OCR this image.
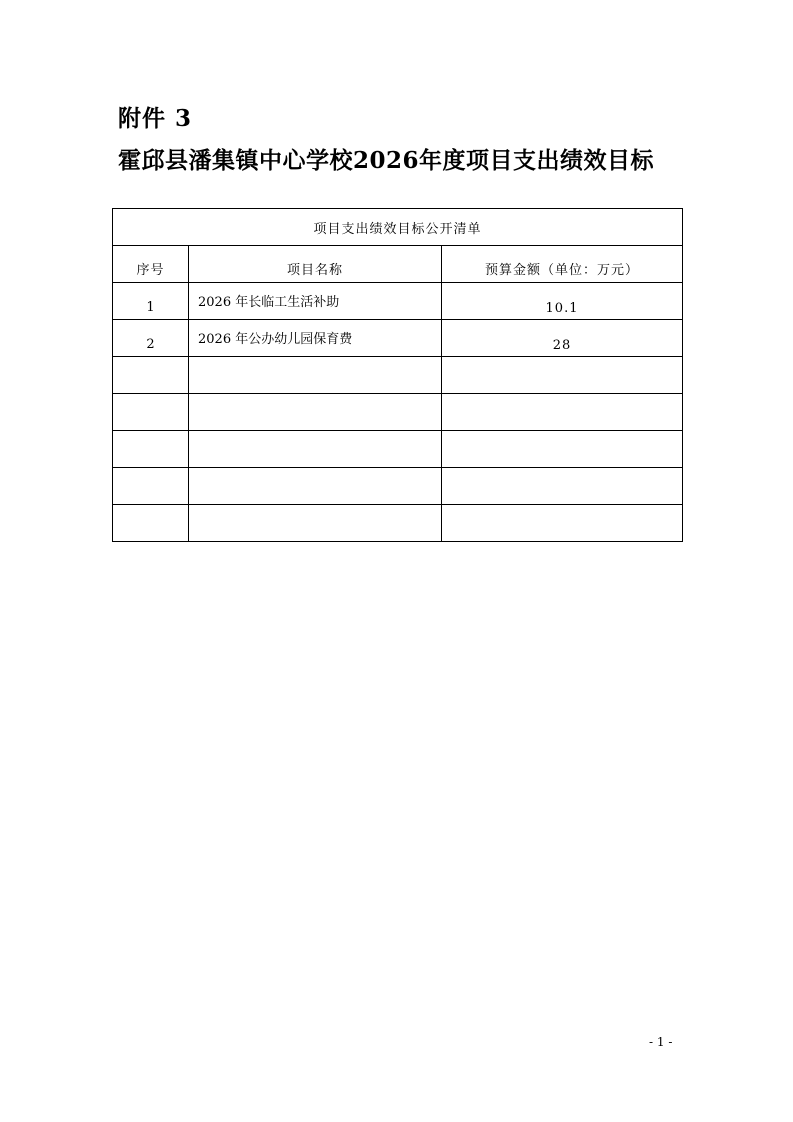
附件 3
霍邱县潘集镇中心学校2026年度项目支出绩效目标
项目支出绩效目标公开清单		
序号	项目名称	预算金额（单位：万元）
1	2026 年长临工生活补助	10.1
2	2026 年公办幼儿园保育费	28

- 1 -
